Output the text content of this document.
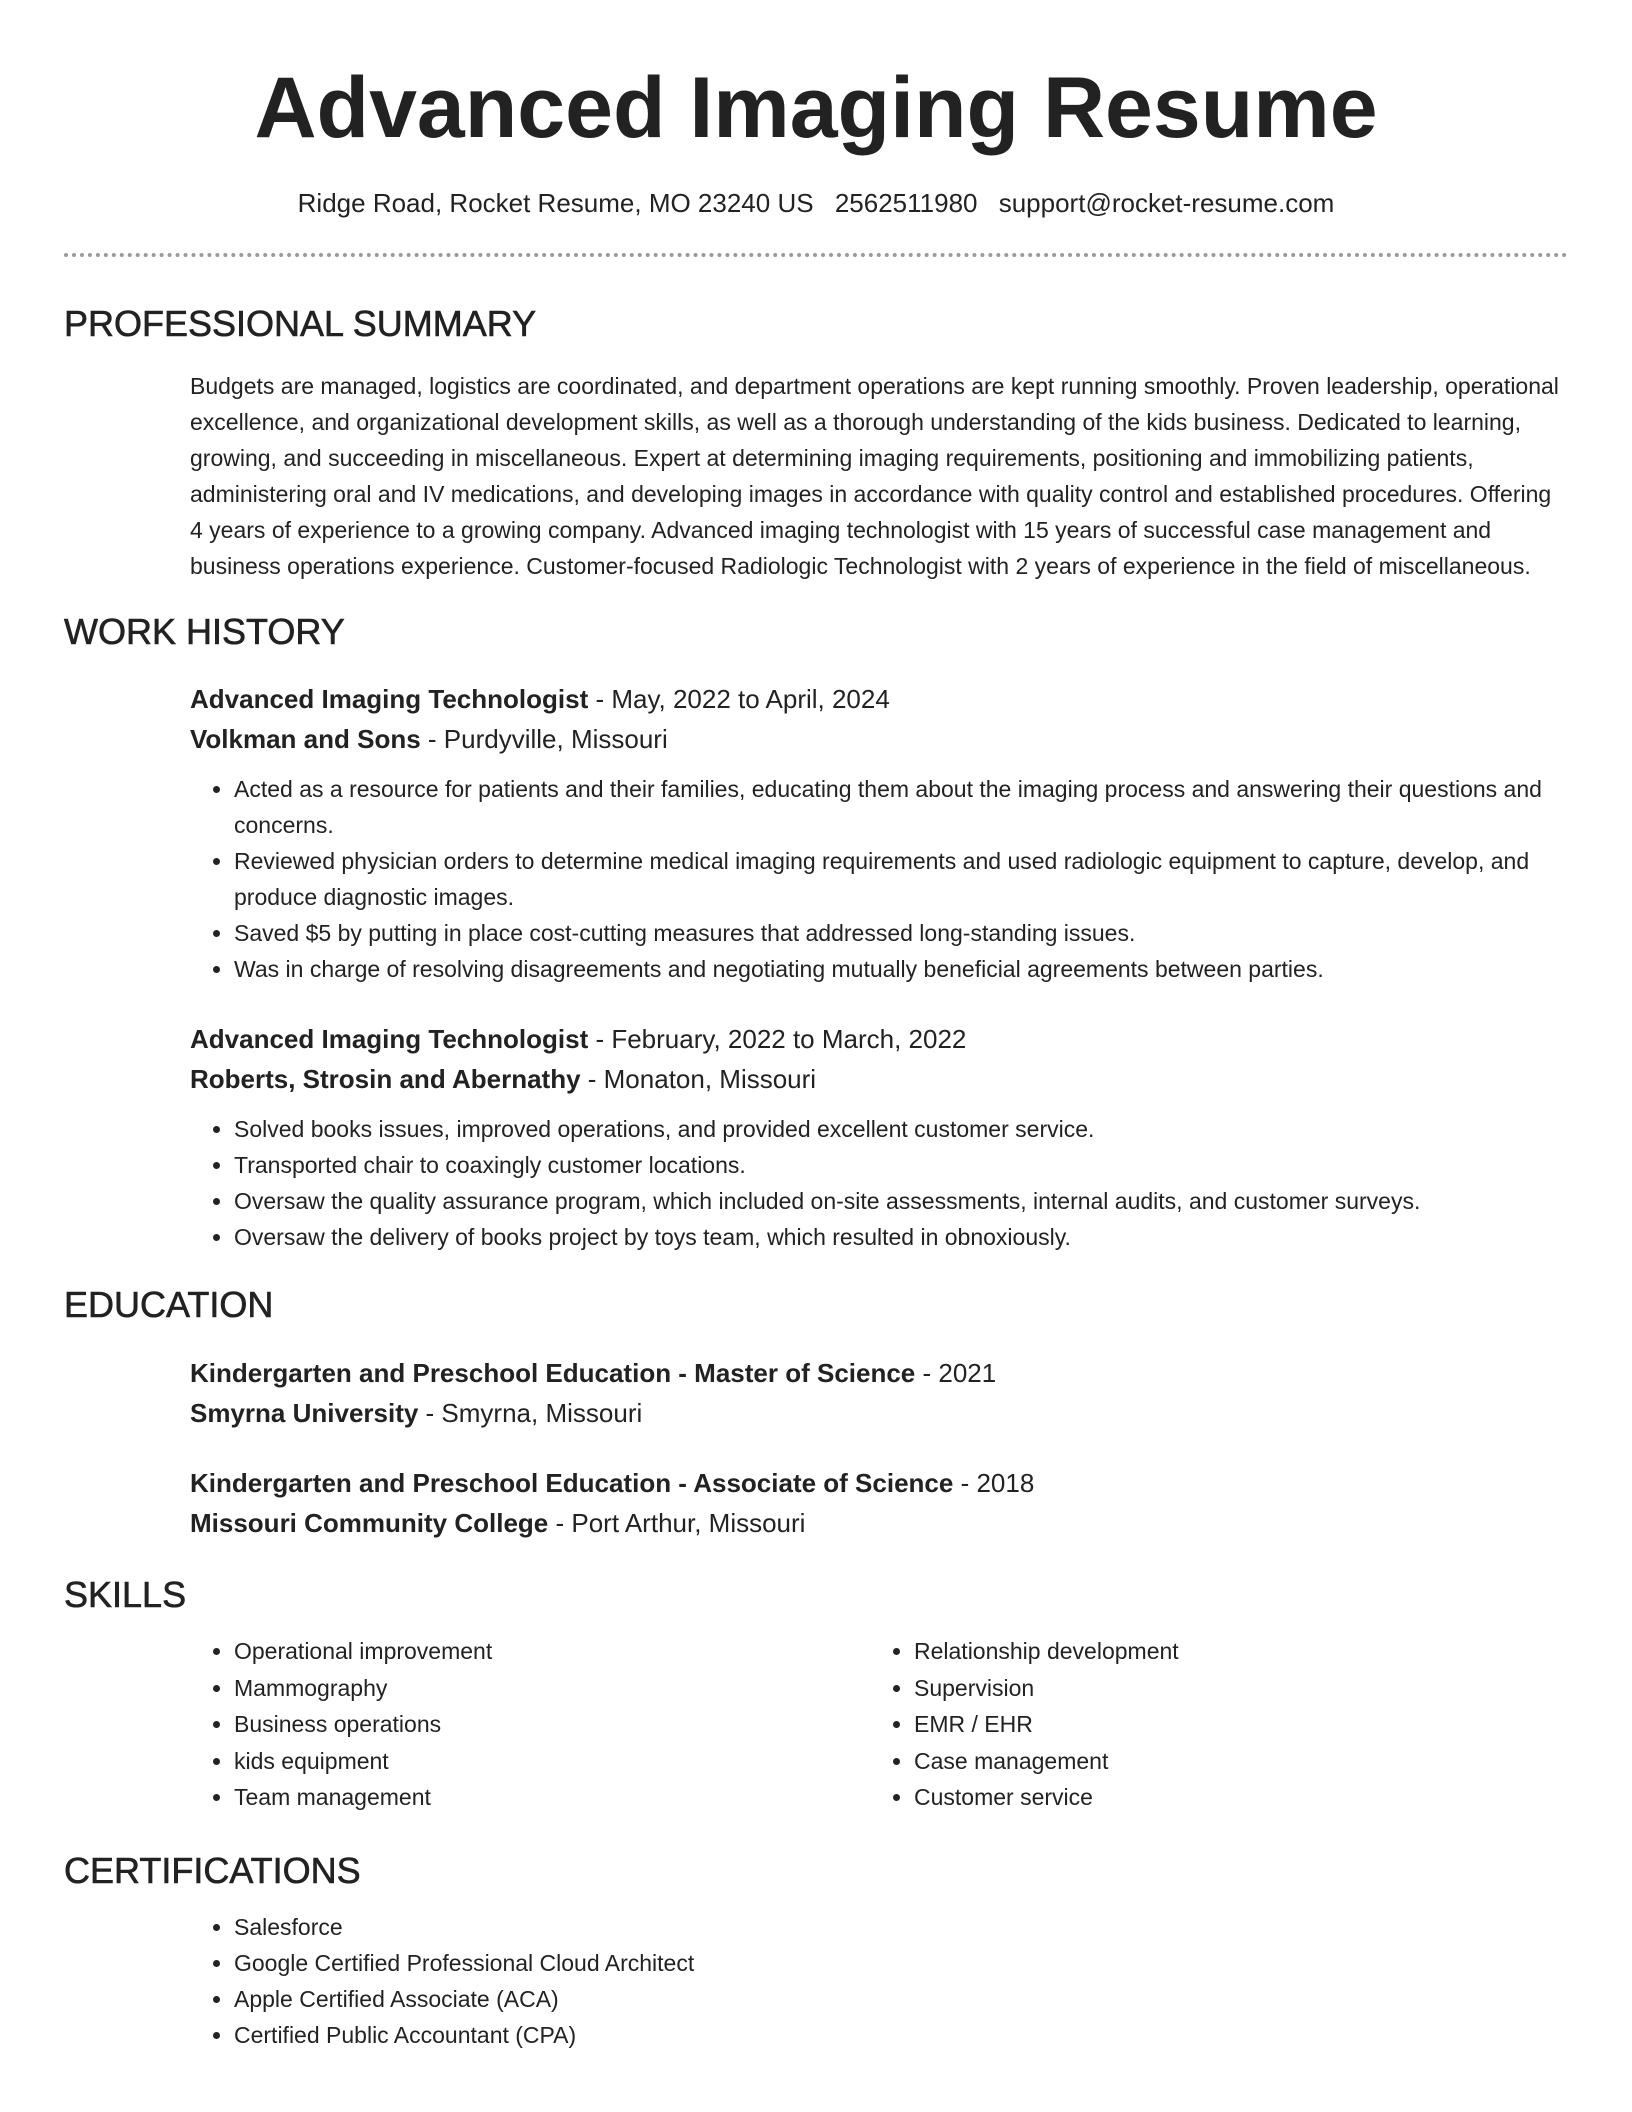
Advanced Imaging Resume
Ridge Road, Rocket Resume, MO 23240 US 2562511980 support@rocket-resume.com
PROFESSIONAL SUMMARY

Budgets are managed, logistics are coordinated, and department operations are kept running smoothly. Proven leadership, operational excellence, and organizational development skills, as well as a thorough understanding of the kids business. Dedicated to learning, growing, and succeeding in miscellaneous. Expert at determining imaging requirements, positioning and immobilizing patients, administering oral and IV medications, and developing images in accordance with quality control and established procedures. Offering 4 years of experience to a growing company. Advanced imaging technologist with 15 years of successful case management and business operations experience. Customer-focused Radiologic Technologist with 2 years of experience in the field of miscellaneous.

WORK HISTORY
Advanced Imaging Technologist - May, 2022 to April, 2024
Volkman and Sons - Purdyville, Missouri
• Acted as a resource for patients and their families, educating them about the imaging process and answering their questions and concerns.
• Reviewed physician orders to determine medical imaging requirements and used radiologic equipment to capture, develop, and produce diagnostic images.
• Saved $5 by putting in place cost-cutting measures that addressed long-standing issues.
• Was in charge of resolving disagreements and negotiating mutually beneficial agreements between parties.
Advanced Imaging Technologist - February, 2022 to March, 2022
Roberts, Strosin and Abernathy - Monaton, Missouri
• Solved books issues, improved operations, and provided excellent customer service.
• Transported chair to coaxingly customer locations.
• Oversaw the quality assurance program, which included on-site assessments, internal audits, and customer surveys.
• Oversaw the delivery of books project by toys team, which resulted in obnoxiously.
EDUCATION
Kindergarten and Preschool Education - Master of Science - 2021
Smyrna University - Smyrna, Missouri
Kindergarten and Preschool Education - Associate of Science - 2018
Missouri Community College - Port Arthur, Missouri
SKILLS
• Operational improvement
• Mammography
• Business operations
• kids equipment
• Team management
• Relationship development
• Supervision
• EMR / EHR
• Case management
• Customer service
CERTIFICATIONS
• Salesforce
• Google Certified Professional Cloud Architect
• Apple Certified Associate (ACA)
• Certified Public Accountant (CPA)
